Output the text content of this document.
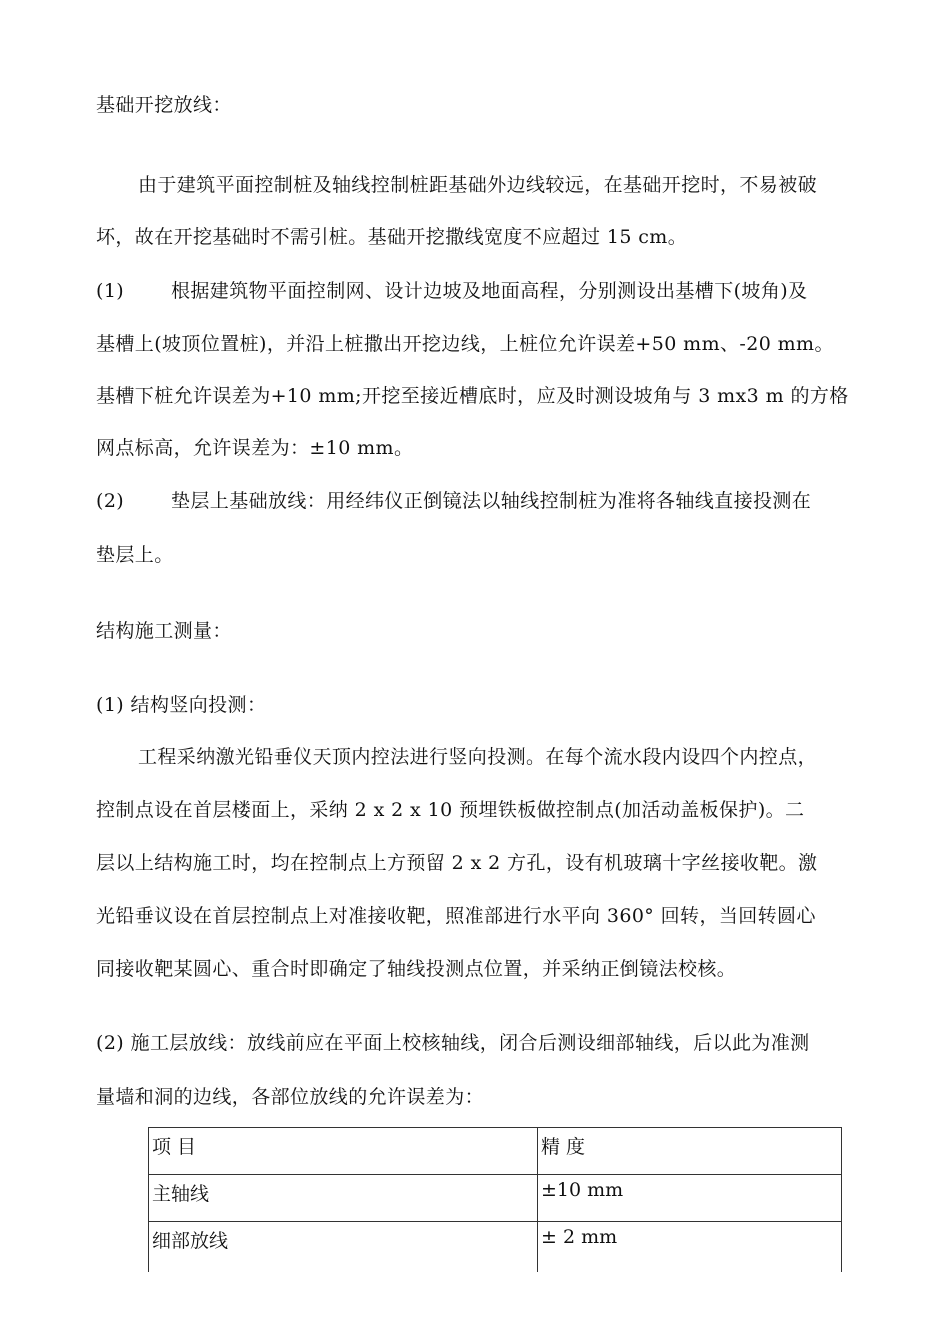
基础开挖放线：
由于建筑平面控制桩及轴线控制桩距基础外边线较远，在基础开挖时，不易被破
坏，故在开挖基础时不需引桩。基础开挖撒线宽度不应超过 15 cm。
(1) 根据建筑物平面控制网、设计边坡及地面高程，分别测设出基槽下(坡角)及
基槽上(坡顶位置桩)，并沿上桩撒出开挖边线，上桩位允许误差+50 mm、-20 mm。
基槽下桩允许误差为+10 mm;开挖至接近槽底时，应及时测设坡角与 3 mx3 m 的方格
网点标高，允许误差为：±10 mm。
(2) 垫层上基础放线：用经纬仪正倒镜法以轴线控制桩为准将各轴线直接投测在
垫层上。
结构施工测量：
(1) 结构竖向投测：
工程采纳激光铅垂仪天顶内控法进行竖向投测。在每个流水段内设四个内控点，
控制点设在首层楼面上，采纳 2 x 2 x 10 预埋铁板做控制点(加活动盖板保护)。二
层以上结构施工时，均在控制点上方预留 2 x 2 方孔，设有机玻璃十字丝接收靶。激
光铅垂议设在首层控制点上对准接收靶，照准部进行水平向 360° 回转，当回转圆心
同接收靶某圆心、重合时即确定了轴线投测点位置，并采纳正倒镜法校核。
(2) 施工层放线：放线前应在平面上校核轴线，闭合后测设细部轴线，后以此为准测
量墙和洞的边线，各部位放线的允许误差为：
项 目	精 度
主轴线	±10 mm
细部放线	± 2 mm
